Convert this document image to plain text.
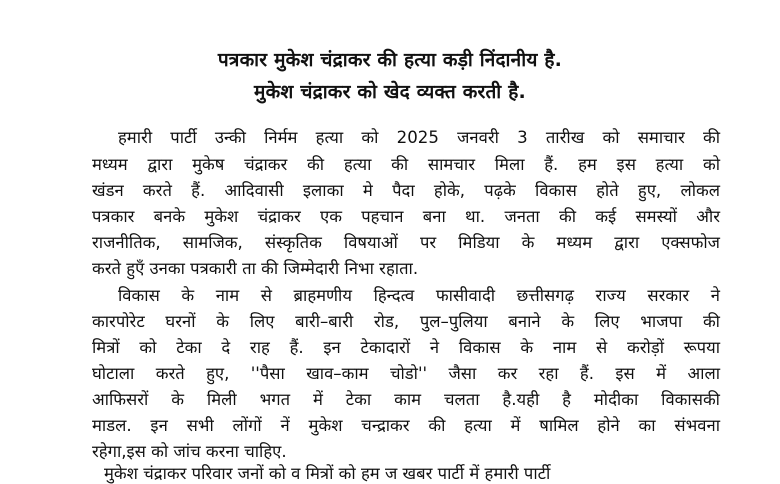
पत्रकार मुकेश चंद्राकर की हत्या कड़ी निंदानीय है.
मुकेश चंद्राकर को खेद व्यक्त करती है.
हमारी पार्टी उन्की निर्मम हत्या को 2025 जनवरी 3 तारीख को समाचार की
मध्यम द्वारा मुकेष चंद्राकर की हत्या की सामचार मिला हैं. हम इस हत्या को
खंडन करते हैं. आदिवासी इलाका मे पैदा होके, पढ़के विकास होते हुए, लोकल
पत्रकार बनके मुकेश चंद्राकर एक पहचान बना था. जनता की कई समस्यों और
राजनीतिक, सामजिक, संस्कृतिक विषयाओं पर मिडिया के मध्यम द्वारा एक्सफोज
करते हुएँ उनका पत्रकारी ता की जिम्मेदारी निभा रहाता.
विकास के नाम से ब्राहमणीय हिन्दत्व फासीवादी छत्तीसगढ़ राज्य सरकार ने
कारपोरेट घरनों के लिए बारी–बारी रोड, पुल–पुलिया बनाने के लिए भाजपा की
मित्रों को टेका दे राह हैं. इन टेकादारों ने विकास के नाम से करोड़ों रूपया
घोटाला करते हुए, ''पैसा खाव–काम चोडो'' जैसा कर रहा हैं. इस में आला
आफिसरों के मिली भगत में टेका काम चलता है.यही है मोदीका विकासकी
माडल. इन सभी लोंगों नें मुकेश चन्द्राकर की हत्या में षामिल होने का संभवना
रहेगा,इस को जांच करना चाहिए.
मुकेश चंद्राकर परिवार जनों को व मित्रों को हम ज खबर पार्टी में हमारी पार्टी
